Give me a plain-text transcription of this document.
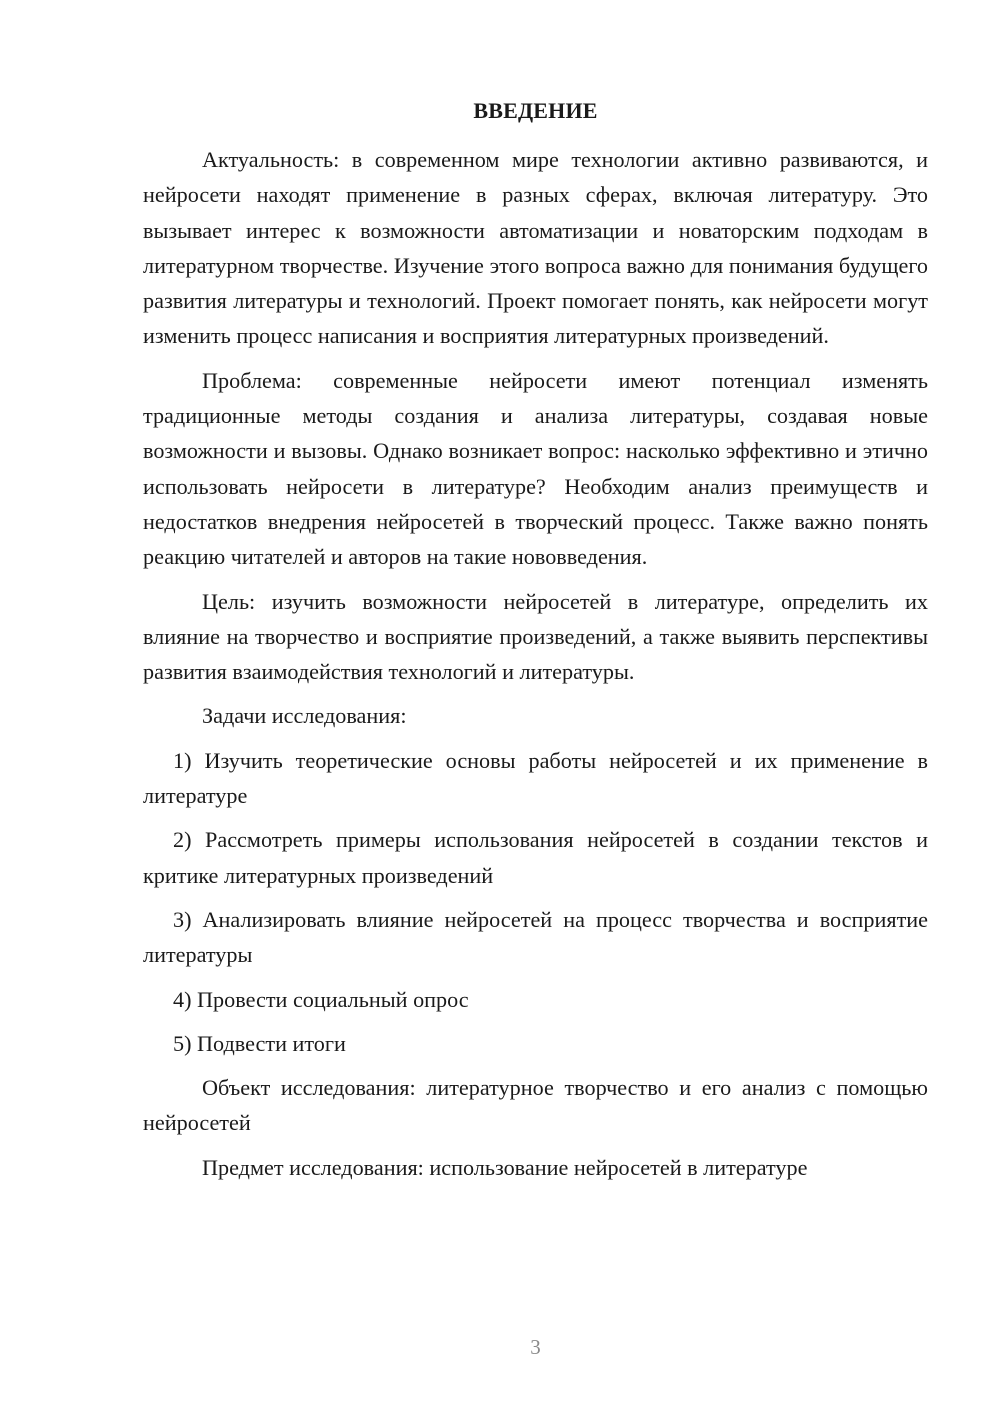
ВВЕДЕНИЕ

Актуальность: в современном мире технологии активно развиваются, и нейросети находят применение в разных сферах, включая литературу. Это вызывает интерес к возможности автоматизации и новаторским подходам в литературном творчестве. Изучение этого вопроса важно для понимания будущего развития литературы и технологий. Проект помогает понять, как нейросети могут изменить процесс написания и восприятия литературных произведений.

Проблема: современные нейросети имеют потенциал изменять традиционные методы создания и анализа литературы, создавая новые возможности и вызовы. Однако возникает вопрос: насколько эффективно и этично использовать нейросети в литературе? Необходим анализ преимуществ и недостатков внедрения нейросетей в творческий процесс. Также важно понять реакцию читателей и авторов на такие нововведения.

Цель: изучить возможности нейросетей в литературе, определить их влияние на творчество и восприятие произведений, а также выявить перспективы развития взаимодействия технологий и литературы.

Задачи исследования:

1) Изучить теоретические основы работы нейросетей и их применение в литературе

2) Рассмотреть примеры использования нейросетей в создании текстов и критике литературных произведений

3) Анализировать влияние нейросетей на процесс творчества и восприятие литературы

4) Провести социальный опрос

5) Подвести итоги

Объект исследования: литературное творчество и его анализ с помощью нейросетей

Предмет исследования: использование нейросетей в литературе

3
